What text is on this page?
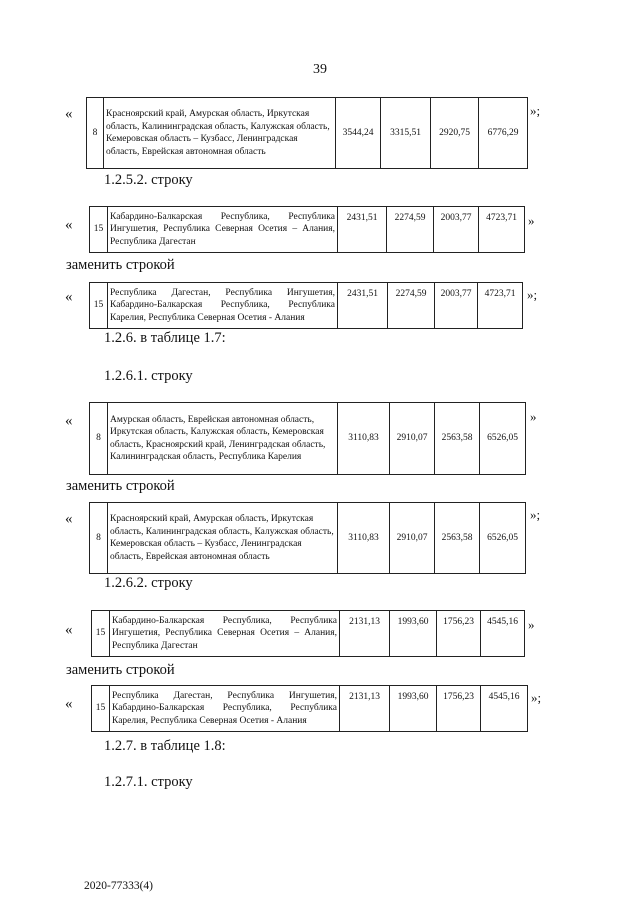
39
«
8	Красноярский край, Амурская область, Иркутская область, Калининградская область, Калужская область, Кемеровская область – Кузбасс, Ленинградская область, Еврейская автономная область	3544,24	3315,51	2920,75	6776,29
»;
1.2.5.2. строку
« 15	Кабардино-Балкарская Республика, Республика Ингушетия, Республика Северная Осетия – Алания, Республика Дагестан	2431,51	2274,59	2003,77	4723,71 »
заменить строкой
«
15	Республика Дагестан, Республика Ингушетия, Кабардино-Балкарская Республика, Республика Карелия, Республика Северная Осетия - Алания	2431,51	2274,59	2003,77	4723,71 »;
1.2.6. в таблице 1.7:
1.2.6.1. строку
«
8	Амурская область, Еврейская автономная область, Иркутская область, Калужская область, Кемеровская область, Красноярский край, Ленинградская область, Калининградская область, Республика Карелия	3110,83	2910,07	2563,58	6526,05
»
заменить строкой
«
8	Красноярский край, Амурская область, Иркутская область, Калининградская область, Калужская область, Кемеровская область – Кузбасс, Ленинградская область, Еврейская автономная область	3110,83	2910,07	2563,58	6526,05
»;
1.2.6.2. строку
« 15	Кабардино-Балкарская Республика, Республика Ингушетия, Республика Северная Осетия – Алания, Республика Дагестан	2131,13	1993,60	1756,23	4545,16 »
заменить строкой
« 15	Республика Дагестан, Республика Ингушетия, Кабардино-Балкарская Республика, Республика Карелия, Республика Северная Осетия - Алания	2131,13	1993,60	1756,23	4545,16 »;
1.2.7. в таблице 1.8:
1.2.7.1. строку
2020-77333(4)
